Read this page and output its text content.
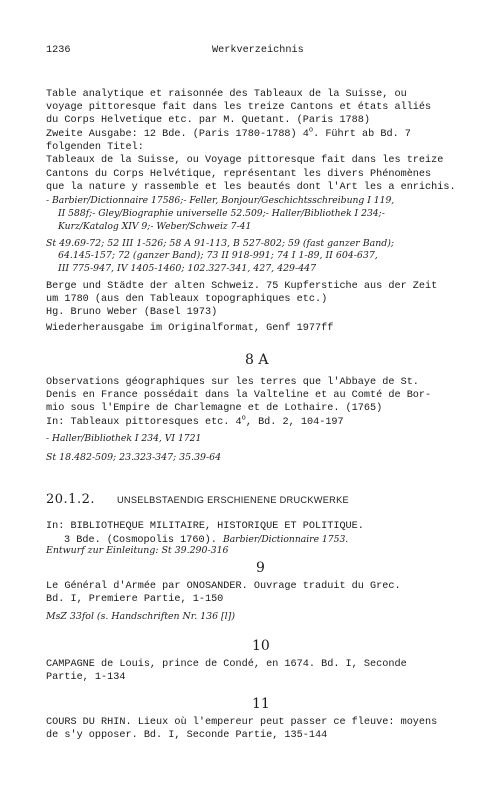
1236	Werkverzeichnis
Table analytique et raisonnée des Tableaux de la Suisse, ou
voyage pittoresque fait dans les treize Cantons et états alliés
du Corps Helvetique etc. par M. Quetant. (Paris 1788)
Zweite Ausgabe: 12 Bde. (Paris 1780-1788) 4$^o$. Führt ab Bd. 7
folgenden Titel:
Tableaux de la Suisse, ou Voyage pittoresque fait dans les treize
Cantons du Corps Helvétique, représentant les divers Phénomènes
que la nature y rassemble et les beautés dont l'Art les a enrichis.
- Barbier/Dictionnaire 17586;- Feller, Bonjour/Geschichtsschreibung I 119,
II 588f;- Gley/Biographie universelle 52.509;- Haller/Bibliothek I 234;-
Kurz/Katalog XIV 9;- Weber/Schweiz 7-41
St 49.69-72; 52 III 1-526; 58 A 91-113, B 527-802; 59 (fast ganzer Band);
64.145-157; 72 (ganzer Band); 73 II 918-991; 74 I 1-89, II 604-637,
III 775-947, IV 1405-1460; 102.327-341, 427, 429-447
Berge und Städte der alten Schweiz. 75 Kupferstiche aus der Zeit
um 1780 (aus den Tableaux topographiques etc.)
Hg. Bruno Weber (Basel 1973)
Wiederherausgabe im Originalformat, Genf 1977ff
8 A
Observations géographiques sur les terres que l'Abbaye de St.
Denis en France possédait dans la Valteline et au Comté de Bor-
mio sous l'Empire de Charlemagne et de Lothaire. (1765)
In: Tableaux pittoresques etc. 4$^o$, Bd. 2, 104-197
- Haller/Bibliothek I 234, VI 1721
St 18.482-509; 23.323-347; 35.39-64
20.1.2. UNSELBSTAENDIG ERSCHIENENE DRUCKWERKE
In: BIBLIOTHEQUE MILITAIRE, HISTORIQUE ET POLITIQUE.
3 Bde. (Cosmopolis 1760). Barbier/Dictionnaire 1753.
Entwurf zur Einleitung: St 39.290-316
9
Le Général d'Armée par ONOSANDER. Ouvrage traduit du Grec.
Bd. I, Premiere Partie, 1-150
MsZ 33fol (s. Handschriften Nr. 136 [l])
10
CAMPAGNE de Louis, prince de Condé, en 1674. Bd. I, Seconde
Partie, 1-134
11
COURS DU RHIN. Lieux où l'empereur peut passer ce fleuve: moyens
de s'y opposer. Bd. I, Seconde Partie, 135-144
